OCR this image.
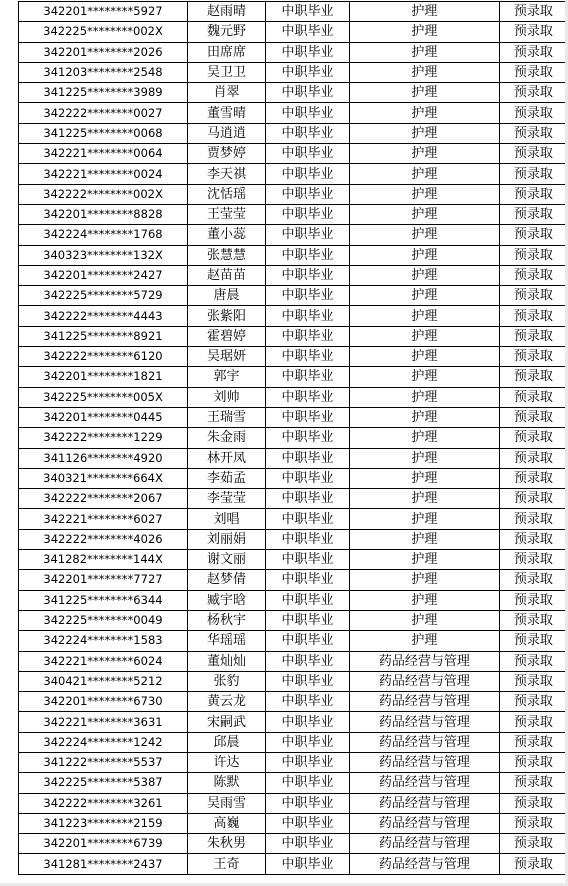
342201********5927	赵雨晴	中职毕业	护理	预录取
342225********002X	魏元野	中职毕业	护理	预录取
342201********2026	田席席	中职毕业	护理	预录取
341203********2548	吴卫卫	中职毕业	护理	预录取
341225********3989	肖翠	中职毕业	护理	预录取
342222********0027	董雪晴	中职毕业	护理	预录取
341225********0068	马逍逍	中职毕业	护理	预录取
342221********0064	贾梦婷	中职毕业	护理	预录取
342221********0024	李天祺	中职毕业	护理	预录取
342222********002X	沈恬瑶	中职毕业	护理	预录取
342201********8828	王莹莹	中职毕业	护理	预录取
342224********1768	董小蕊	中职毕业	护理	预录取
340323********132X	张慧慧	中职毕业	护理	预录取
342201********2427	赵苗苗	中职毕业	护理	预录取
342225********5729	唐晨	中职毕业	护理	预录取
342222********4443	张紫阳	中职毕业	护理	预录取
341225********8921	霍碧婷	中职毕业	护理	预录取
342222********6120	吴琚妍	中职毕业	护理	预录取
342201********1821	郭宇	中职毕业	护理	预录取
342225********005X	刘帅	中职毕业	护理	预录取
342201********0445	王瑞雪	中职毕业	护理	预录取
342222********1229	朱金雨	中职毕业	护理	预录取
341126********4920	林开凤	中职毕业	护理	预录取
340321********664X	李茹孟	中职毕业	护理	预录取
342222********2067	李莹莹	中职毕业	护理	预录取
342221********6027	刘唱	中职毕业	护理	预录取
342222********4026	刘丽娟	中职毕业	护理	预录取
341282********144X	谢文丽	中职毕业	护理	预录取
342201********7727	赵梦倩	中职毕业	护理	预录取
341225********6344	臧宇晗	中职毕业	护理	预录取
342225********0049	杨秋宇	中职毕业	护理	预录取
342224********1583	华瑶瑶	中职毕业	护理	预录取
342221********6024	董灿灿	中职毕业	药品经营与管理	预录取
340421********5212	张豹	中职毕业	药品经营与管理	预录取
342201********6730	黄云龙	中职毕业	药品经营与管理	预录取
342221********3631	宋嗣武	中职毕业	药品经营与管理	预录取
342224********1242	邱晨	中职毕业	药品经营与管理	预录取
341222********5537	许达	中职毕业	药品经营与管理	预录取
342225********5387	陈默	中职毕业	药品经营与管理	预录取
342222********3261	吴雨雪	中职毕业	药品经营与管理	预录取
341223********2159	高巍	中职毕业	药品经营与管理	预录取
342201********6739	朱秋男	中职毕业	药品经营与管理	预录取
341281********2437	王奇	中职毕业	药品经营与管理	预录取
